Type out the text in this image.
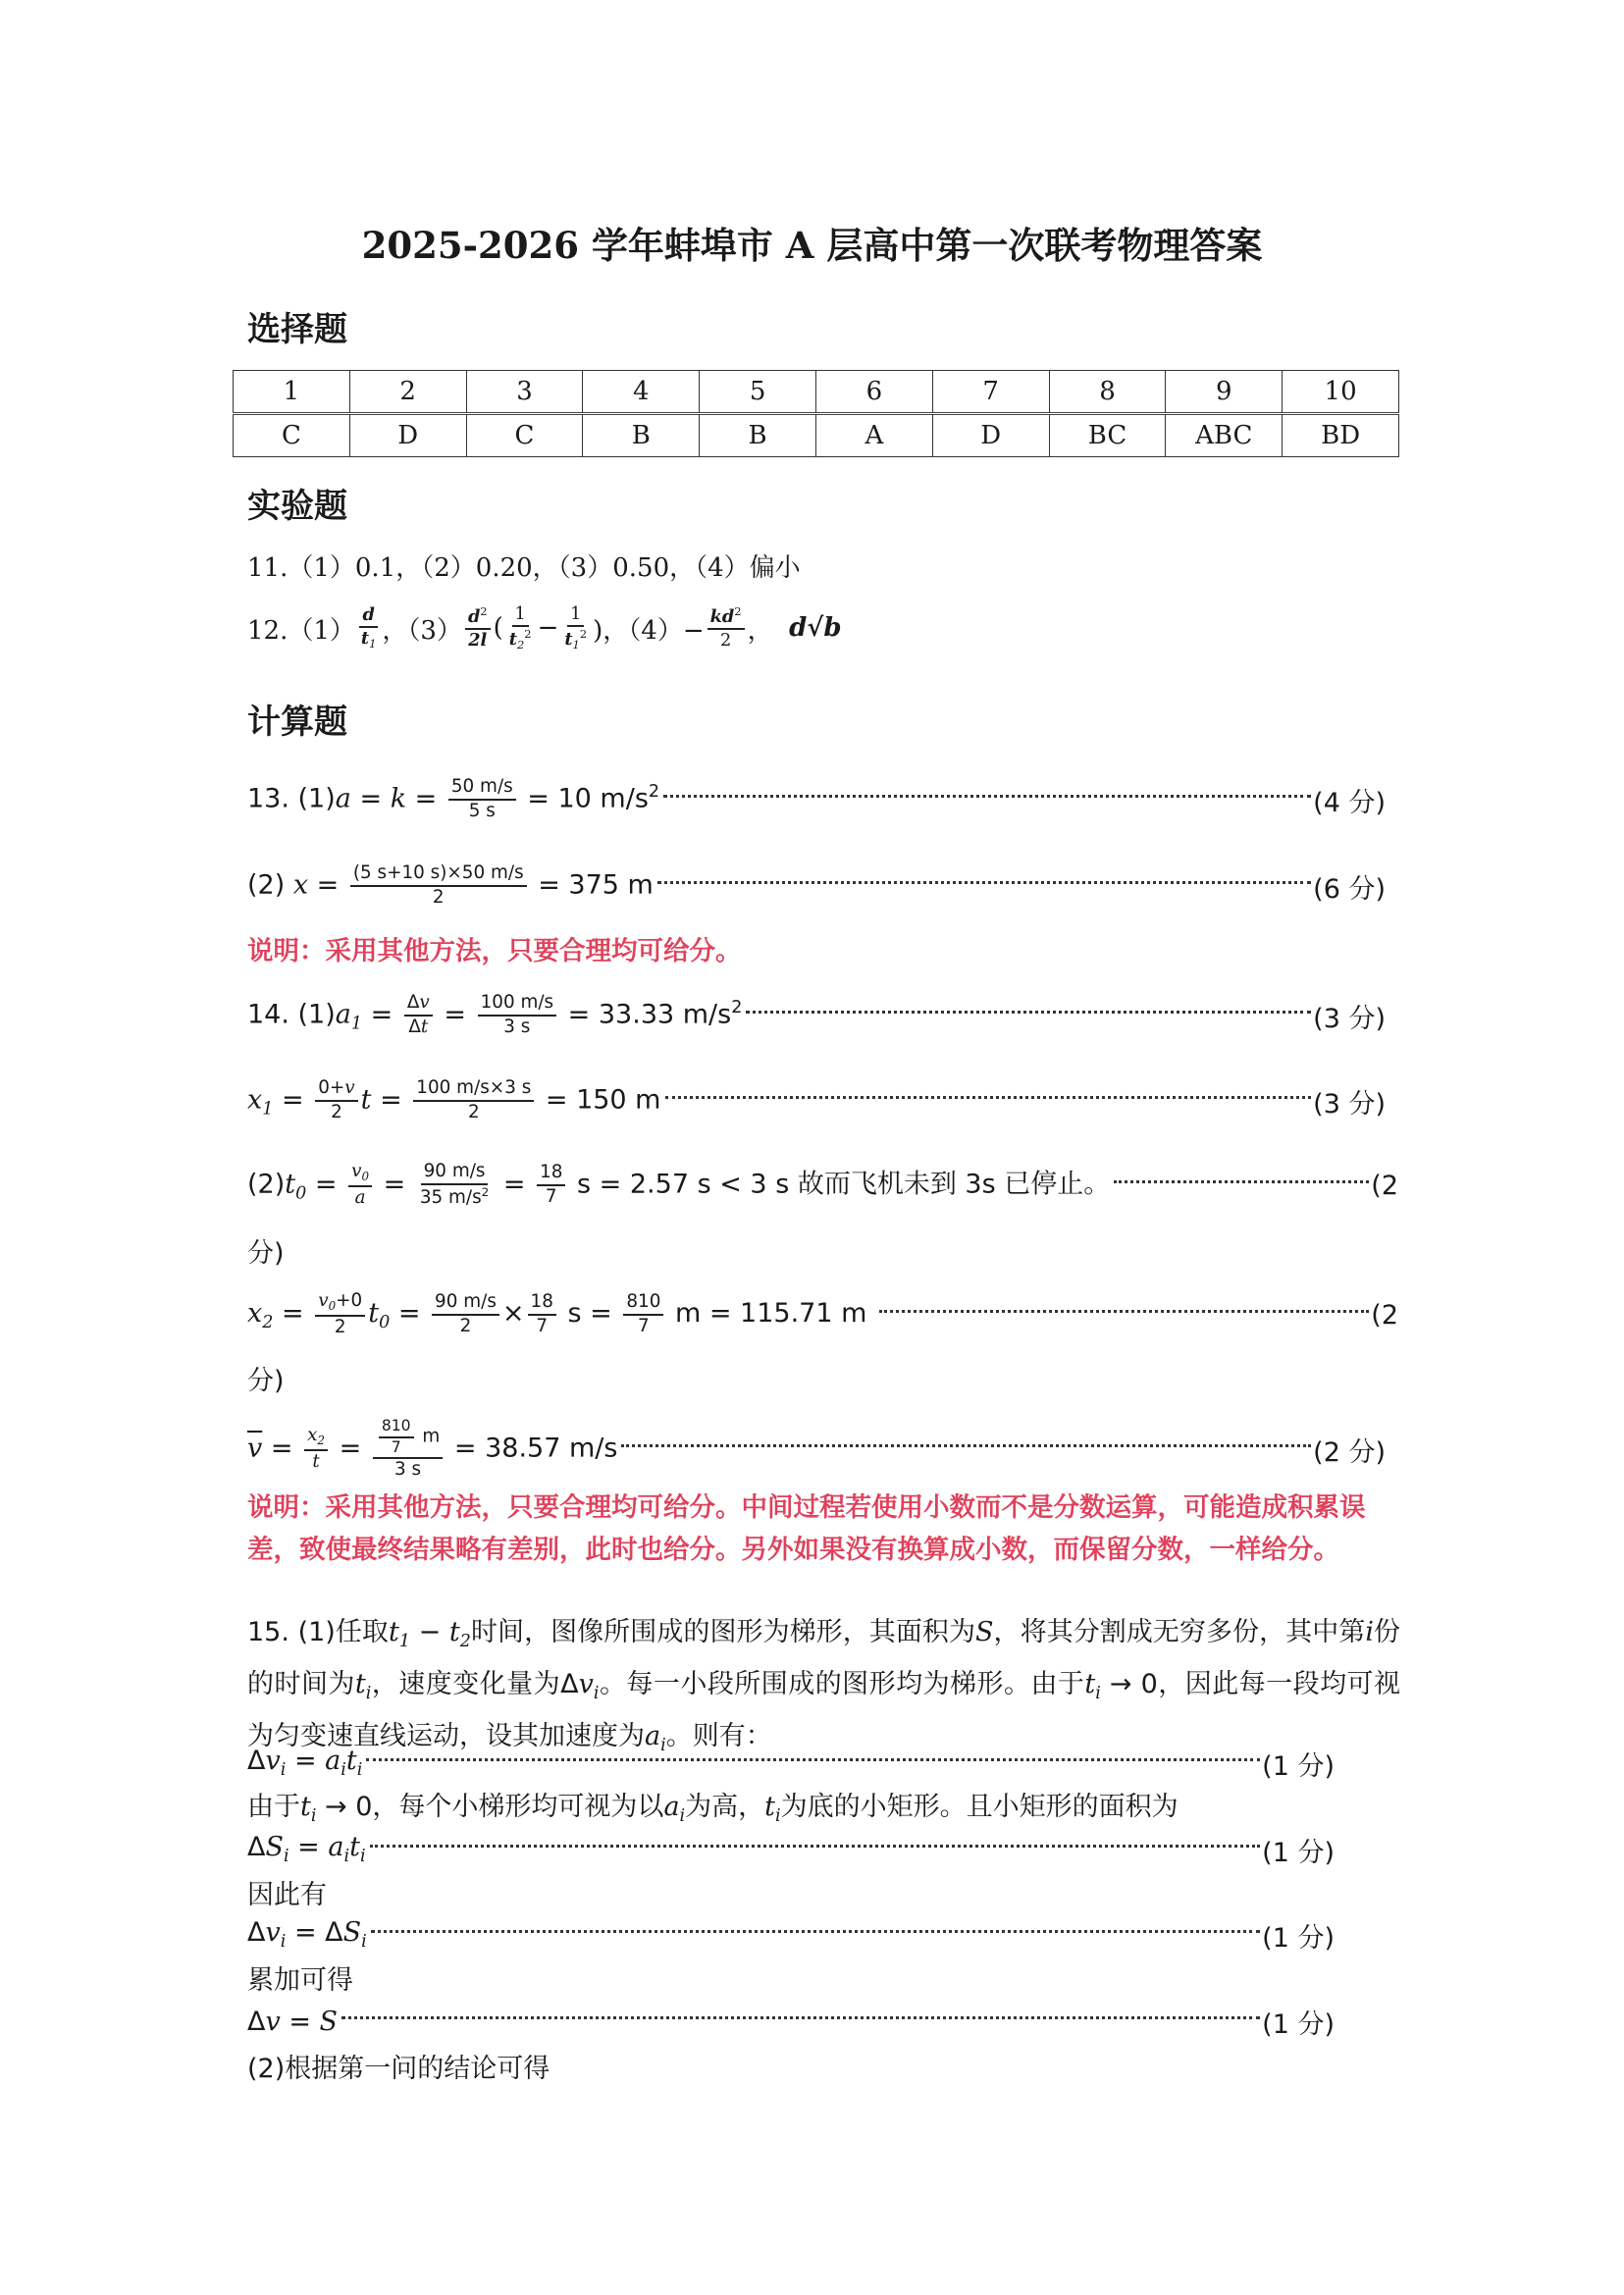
2025-2026 学年蚌埠市 A 层高中第一次联考物理答案
选择题
1	2	3	4	5	6	7	8	9	10
C	D	C	B	B	A	D	BC	ABC	BD
实验题
11.（1）0.1，（2）0.20，（3）0.50，（4）偏小
$12.(1) \frac{d}{t_1}$ ，$(3) \frac{d^2}{2l}$ ( $\frac{1}{t_2^2} - \frac{1}{t_1^2}$ )，$(4)- \frac{kd^2}{2}$ ， d√b
计算题
13. $(1)a = k = \frac{50 m/s}{5 s} = 10$ $m/s^2$	(4 分)
(2) $x = \frac{(5 s+10 s)\times 50 m/s}{2} = 375$ m	(6 分)
说明：采用其他方法，只要合理均可给分。
14. $(1)a_1 = \frac{\Delta v}{\Delta t} = \frac{100 m/s}{3 s} = 33.33$ $m/s^2$	(3 分)
$x_1 = \frac{0+v}{2}$ $t = \frac{100 m/s\times 3 s}{2} = 150$ m	(3 分)
$(2)t_0 = \frac{v_0}{a} = \frac{90 m/s}{35 m/s^2} = \frac{18}{7}$ s = 2.57 s < 3 s 故而飞机未到 3s 已停止。	(2
分)
$x_2 = \frac{v_0+0}{2} t_0 = \frac{90 m/s}{2} \times \frac{18}{7}$ $s = \frac{810}{7}$ m = 115.71 m	(2
分)
$\overline{v} = \frac{x_2}{t} = \frac{\frac{810}{7} m}{3 s} = 38.57$ m/s	(2 分)
说明：采用其他方法，只要合理均可给分。中间过程若使用小数而不是分数运算，可能造成积累误差，致使最终结果略有差别，此时也给分。另外如果没有换算成小数，而保留分数，一样给分。
15. (1)任取$t_1 - t_2$时间，图像所围成的图形为梯形，其面积为S，将其分割成无穷多份，其中第i份的时间为$t_i$，速度变化量为$\Delta v_i$。每一小段所围成的图形均为梯形。由于$t_i \to 0$，因此每一段均可视为匀变速直线运动，设其加速度为$a_i$。则有：
$\Delta v_i = a_it_i$	(1 分)
由于$t_i \to 0$，每个小梯形均可视为以$a_i$为高，$t_i$为底的小矩形。且小矩形的面积为
$\Delta S_i = a_it_i$	(1 分)
因此有
$\Delta v_i = \Delta S_i$	(1 分)
累加可得
Δv = S	(1 分)
(2)根据第一问的结论可得
